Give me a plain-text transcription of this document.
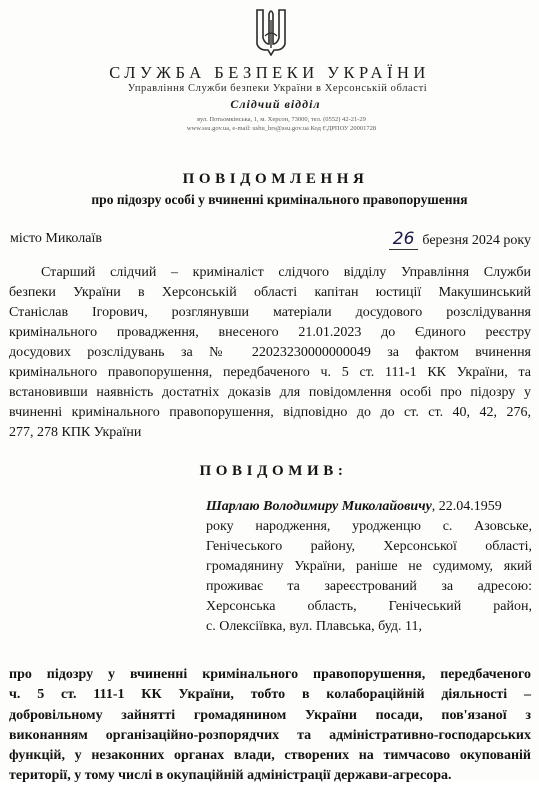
СЛУЖБА БЕЗПЕКИ УКРАЇНИ
Управління Служби безпеки України в Херсонській області
Слідчий відділ
вул. Потьомкінська, 1, м. Херсон, 73000, тел. (0552) 42-21-29
www.ssu.gov.ua, e-mail: usbu_hrs@ssu.gov.ua Код ЄДРПОУ 20001728
ПОВІДОМЛЕННЯ
про підозру особі у вчиненні кримінального правопорушення
місто Миколаїв	26 березня 2024 року
Старший слідчий – криміналіст слідчого відділу Управління Служби
безпеки України в Херсонській області капітан юстиції Макушинський
Станіслав Ігорович, розглянувши матеріали досудового розслідування
кримінального провадження, внесеного 21.01.2023 до Єдиного реєстру
досудових розслідувань за № 22023230000000049 за фактом вчинення
кримінального правопорушення, передбаченого ч. 5 ст. 111-1 КК України, та
встановивши наявність достатніх доказів для повідомлення особі про підозру у
вчиненні кримінального правопорушення, відповідно до до ст. ст. 40, 42, 276,
277, 278 КПК України
ПОВІДОМИВ:
Шарлаю Володимиру Миколайовичу, 22.04.1959
року народження, уродженцю с. Азовське,
Генічеського району, Херсонської області,
громадянину України, раніше не судимому, який
проживає та зареєстрований за адресою:
Херсонська область, Генічеський район,
с. Олексіївка, вул. Плавська, буд. 11,
про підозру у вчиненні кримінального правопорушення, передбаченого
ч. 5 ст. 111-1 КК України, тобто в колабораційній діяльності –
добровільному зайнятті громадянином України посади, пов'язаної з
виконанням організаційно-розпорядчих та адміністративно-господарських
функцій, у незаконних органах влади, створених на тимчасово окупованій
території, у тому числі в окупаційній адміністрації держави-агресора.
